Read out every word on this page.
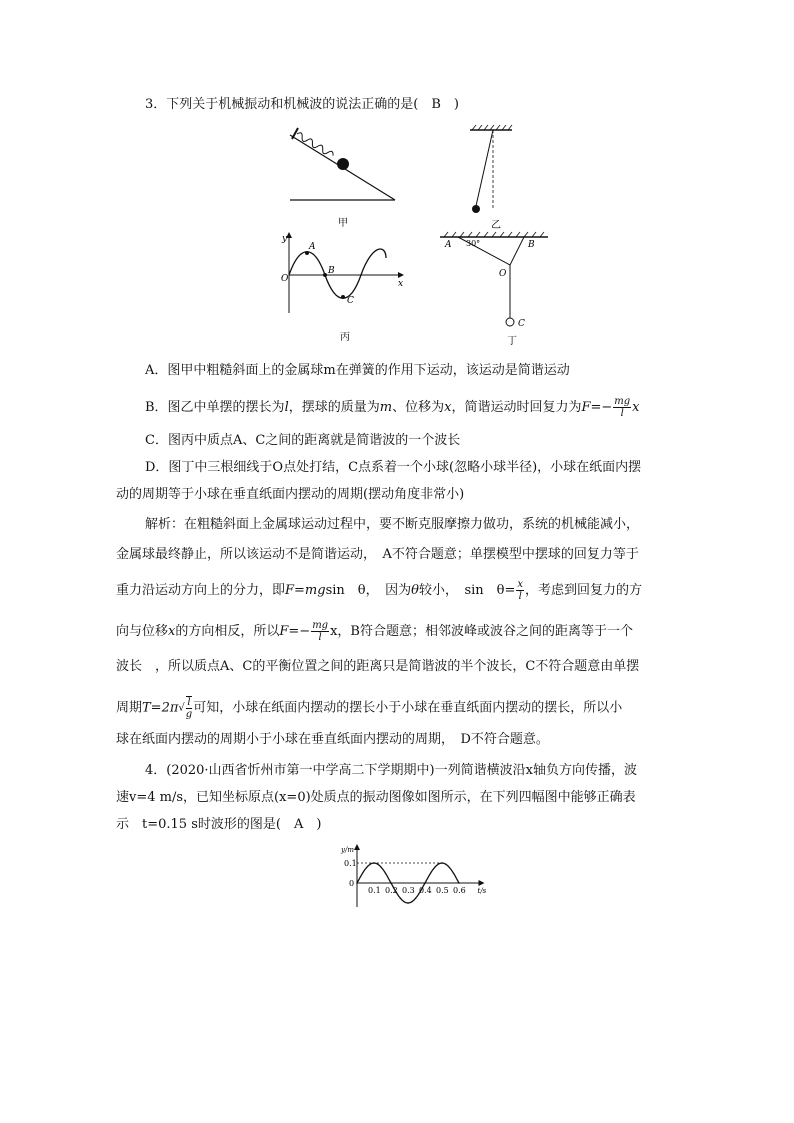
3．下列关于机械振动和机械波的说法正确的是(　B　)
甲	乙
y
x
O
A
B
C
丙
A 30°	B
O
C
丁
A．图甲中粗糙斜面上的金属球m在弹簧的作用下运动，该运动是简谐运动
B．图乙中单摆的摆长为l，摆球的质量为m、位移为x，简谐运动时回复力为$F=- \frac{mg}{l}$ x
C．图丙中质点A、C之间的距离就是简谐波的一个波长
D．图丁中三根细线于O点处打结，C点系着一个小球(忽略小球半径)，小球在纸面内摆
动的周期等于小球在垂直纸面内摆动的周期(摆动角度非常小)
解析：在粗糙斜面上金属球运动过程中，要不断克服摩擦力做功，系统的机械能减小，
金属球最终静止，所以该运动不是简谐运动，　A不符合题意；单摆模型中摆球的回复力等于
重力沿运动方向上的分力，即F=mgsin　θ，　因为θ较小，　sin　$\theta= \frac{x}{l}$ ，考虑到回复力的方
向与位移x的方向相反，所以$F=- \frac{mg}{l}$ x，B符合题意；相邻波峰或波谷之间的距离等于一个
波长　，所以质点A、C的平衡位置之间的距离只是简谐波的半个波长，C不符合题意由单摆
周期$T=2\pi√ \frac{l}{g}$ 可知，小球在纸面内摆动的摆长小于小球在垂直纸面内摆动的摆长，所以小
球在纸面内摆动的周期小于小球在垂直纸面内摆动的周期，　D不符合题意。
4．(2020·山西省忻州市第一中学高二下学期期中)一列简谐横波沿x轴负方向传播，波
速v=4 m/s，已知坐标原点(x=0)处质点的振动图像如图所示，在下列四幅图中能够正确表
示　t=0.15 s时波形的图是(　A　)
0.1 0.2 0.3 0.4 0.5 0.6
0.1
0
y/m
t/s
